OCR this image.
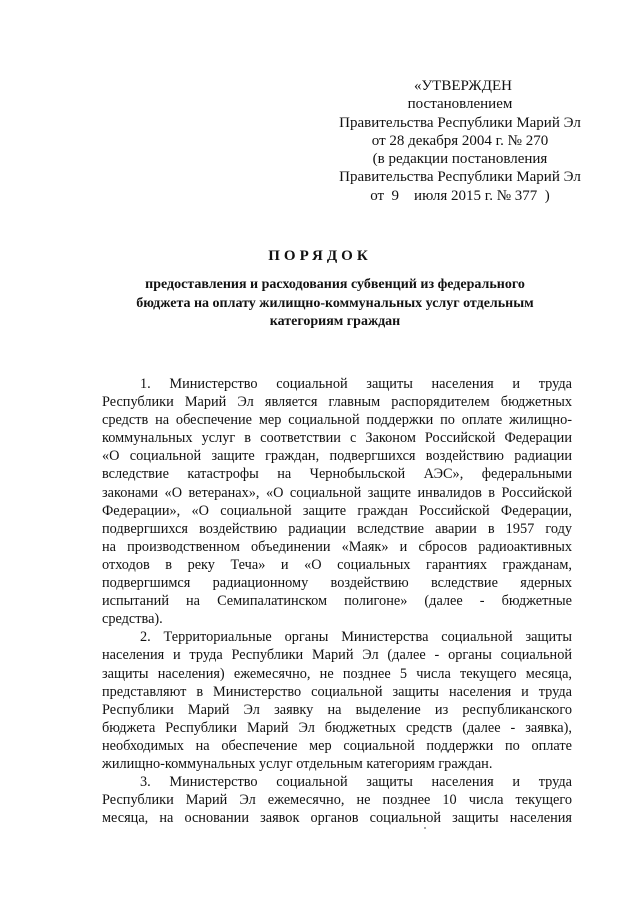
«УТВЕРЖДЕН
постановлением
Правительства Республики Марий Эл
от 28 декабря 2004 г. № 270
(в редакции постановления
Правительства Республики Марий Эл
от  9    июля 2015 г. № 377  )
ПОРЯДОК
предоставления и расходования субвенций из федерального
бюджета на оплату жилищно-коммунальных услуг отдельным
категориям граждан
1. Министерство социальной защиты населения и труда
Республики Марий Эл является главным распорядителем бюджетных
средств на обеспечение мер социальной поддержки по оплате жилищно-
коммунальных услуг в соответствии с Законом Российской Федерации
«О социальной защите граждан, подвергшихся воздействию радиации
вследствие катастрофы на Чернобыльской АЭС», федеральными
законами «О ветеранах», «О социальной защите инвалидов в Российской
Федерации», «О социальной защите граждан Российской Федерации,
подвергшихся воздействию радиации вследствие аварии в 1957 году
на производственном объединении «Маяк» и сбросов радиоактивных
отходов в реку Теча» и «О социальных гарантиях гражданам,
подвергшимся радиационному воздействию вследствие ядерных
испытаний на Семипалатинском полигоне» (далее - бюджетные
средства).
2. Территориальные органы Министерства социальной защиты
населения и труда Республики Марий Эл (далее - органы социальной
защиты населения) ежемесячно, не позднее 5 числа текущего месяца,
представляют в Министерство социальной защиты населения и труда
Республики Марий Эл заявку на выделение из республиканского
бюджета Республики Марий Эл бюджетных средств (далее - заявка),
необходимых на обеспечение мер социальной поддержки по оплате
жилищно-коммунальных услуг отдельным категориям граждан.
3. Министерство социальной защиты населения и труда
Республики Марий Эл ежемесячно, не позднее 10 числа текущего
месяца, на основании заявок органов социальной защиты населения
